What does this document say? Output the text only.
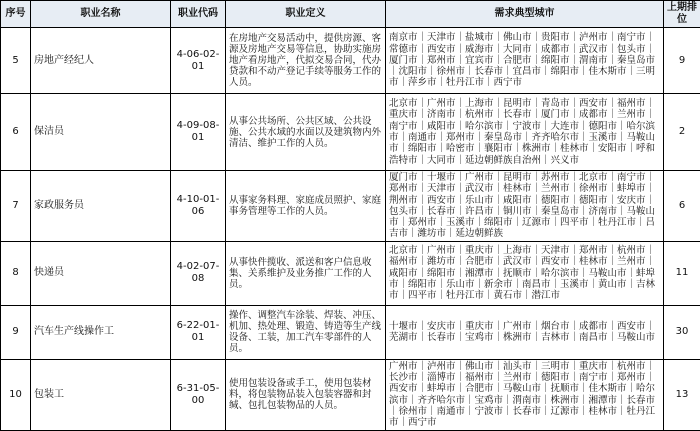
序号	职业名称	职业代码	职业定义	需求典型城市	上期排位
5	房地产经纪人	4-06-02-01	在房地产交易活动中，提供房源、客源及房地产交易等信息，协助实施房地产看房地产，代拟交易合同，代办贷款和不动产登记手续等服务工作的人员。	南京市｜天津市｜盐城市｜佛山市｜贵阳市｜泸州市｜南宁市｜常德市｜西安市｜威海市｜大同市｜成都市｜武汉市｜包头市｜厦门市｜郑州市｜宜宾市｜合肥市｜绵阳市｜渭南市｜秦皇岛市｜沈阳市｜徐州市｜长春市｜宜昌市｜绵阳市｜佳木斯市｜三明市｜萍乡市｜牡丹江市｜西宁市	9
6	保洁员	4-09-08-01	从事公共场所、公共区域、公共设施、公共水域的水面以及建筑物内外清洁、维护工作的人员。	北京市｜广州市｜上海市｜昆明市｜青岛市｜西安市｜福州市｜重庆市｜济南市｜杭州市｜长春市｜厦门市｜成都市｜兰州市｜南宁市｜咸阳市｜哈尔滨市｜宁波市｜大连市｜德阳市｜哈尔滨市｜南通市｜郑州市｜秦皇岛市｜齐齐哈尔市｜玉溪市｜马鞍山市｜绵阳市｜哈密市｜襄阳市｜株洲市｜桂林市｜安阳市｜呼和浩特市｜大同市｜延边朝鲜族自治州｜兴义市	2
7	家政服务员	4-10-01-06	从事家务料理、家庭成员照护、家庭事务管理等工作的人员。	厦门市｜十堰市｜广州市｜昆明市｜苏州市｜北京市｜南宁市｜郑州市｜天津市｜武汉市｜桂林市｜兰州市｜徐州市｜蚌埠市｜荆州市｜西安市｜乐山市｜咸阳市｜德阳市｜德阳市｜安庆市｜包头市｜长春市｜许昌市｜铜川市｜秦皇岛市｜济南市｜马鞍山市｜郑州市｜玉溪市｜绵阳市｜辽源市｜四平市｜牡丹江市｜吕吉市｜潍坊市｜延边朝鲜族	6
8	快递员	4-02-07-08	从事快件揽收、派送和客户信息收集、关系维护及业务推广工作的人员。	北京市｜广州市｜重庆市｜上海市｜天津市｜郑州市｜杭州市｜福州市｜潍坊市｜合肥市｜武汉市｜西安市｜桂林市｜兰州市｜咸阳市｜绵阳市｜湘潭市｜抚顺市｜哈尔滨市｜马鞍山市｜蚌埠市｜绵阳市｜乐山市｜新余市｜南昌市｜玉溪市｜黄山市｜吉林市｜四平市｜牡丹江市｜黄石市｜潜江市	11
9	汽车生产线操作工	6-22-01-01	操作、调整汽车涂装、焊装、冲压、机加、热处理、锻造、铸造等生产线设备、工装，加工汽车零部件的人员。	十堰市｜安庆市｜重庆市｜广州市｜烟台市｜成都市｜西安市｜芜湖市｜长春市｜宝鸡市｜株洲市｜吉林市｜南昌市｜马鞍山市	30
10	包装工	6-31-05-00	使用包装设备或手工，使用包装材料，将包装物品装入包装容器和封缄、包扎包装物品的人员。	广州市｜泸州市｜佛山市｜汕头市｜三明市｜重庆市｜杭州市｜长沙市｜淄博市｜福州市｜兰州市｜德阳市｜南宁市｜郑州市｜西安市｜蚌埠市｜合肥市｜马鞍山市｜抚顺市｜佳木斯市｜哈尔滨市｜齐齐哈尔市｜宝鸡市｜渭南市｜株洲市｜湘潭市｜长春市｜徐州市｜南通市｜宁波市｜长春市｜辽源市｜桂林市｜牡丹江市｜西宁市	13
